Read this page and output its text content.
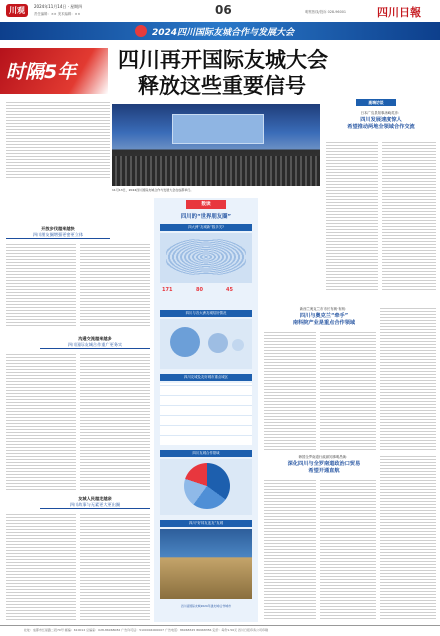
川观	2024年11月14日 · 星期四
责任编辑：×× 美术编辑：××	06	明察热线/投诉 028-96001	四川日報
2024四川国际友城合作与发展大会
时隔5年 四川再开国际友城大会
释放这些重要信号
11月13日，2024四川国际友城合作与发展大会在成都举行。
高端访谈
日本广岛县知事汤崎英彦：
四川发展速度惊人
希望推动两地全领域合作交流
新西兰奥克兰市市长布朗·布朗：
四川与奥克兰“牵手”
南科院产业是重点合作领域
韩国全罗南道行政副知事明昌焕：
深化四川与全罗南道政治口贸易
希望开通直航
开放步伐越来越快
四川朋友圈增强更密更立体
沟通交流越来越多
四川国际友城合作重广更务实
友城人民越走越亲
四川故事与无素更大更出圈
数读
四川的“世界朋友圈”
四大洲“友城新”数多关?
171	80	45
四川与各大洲友城结好情况
四川友城及友好城市重点城区
四川友城合作领域
四川“好邦友连友”友城
四川省国际友城2024年建友城/合作城市
社址：成都市红星路二段70号 邮编：610012 总编室：028-86968082 广告许可证：5100004000007 广告电话：86968345 86968356 定价：每份1.50元 四川日报印务公司印刷
